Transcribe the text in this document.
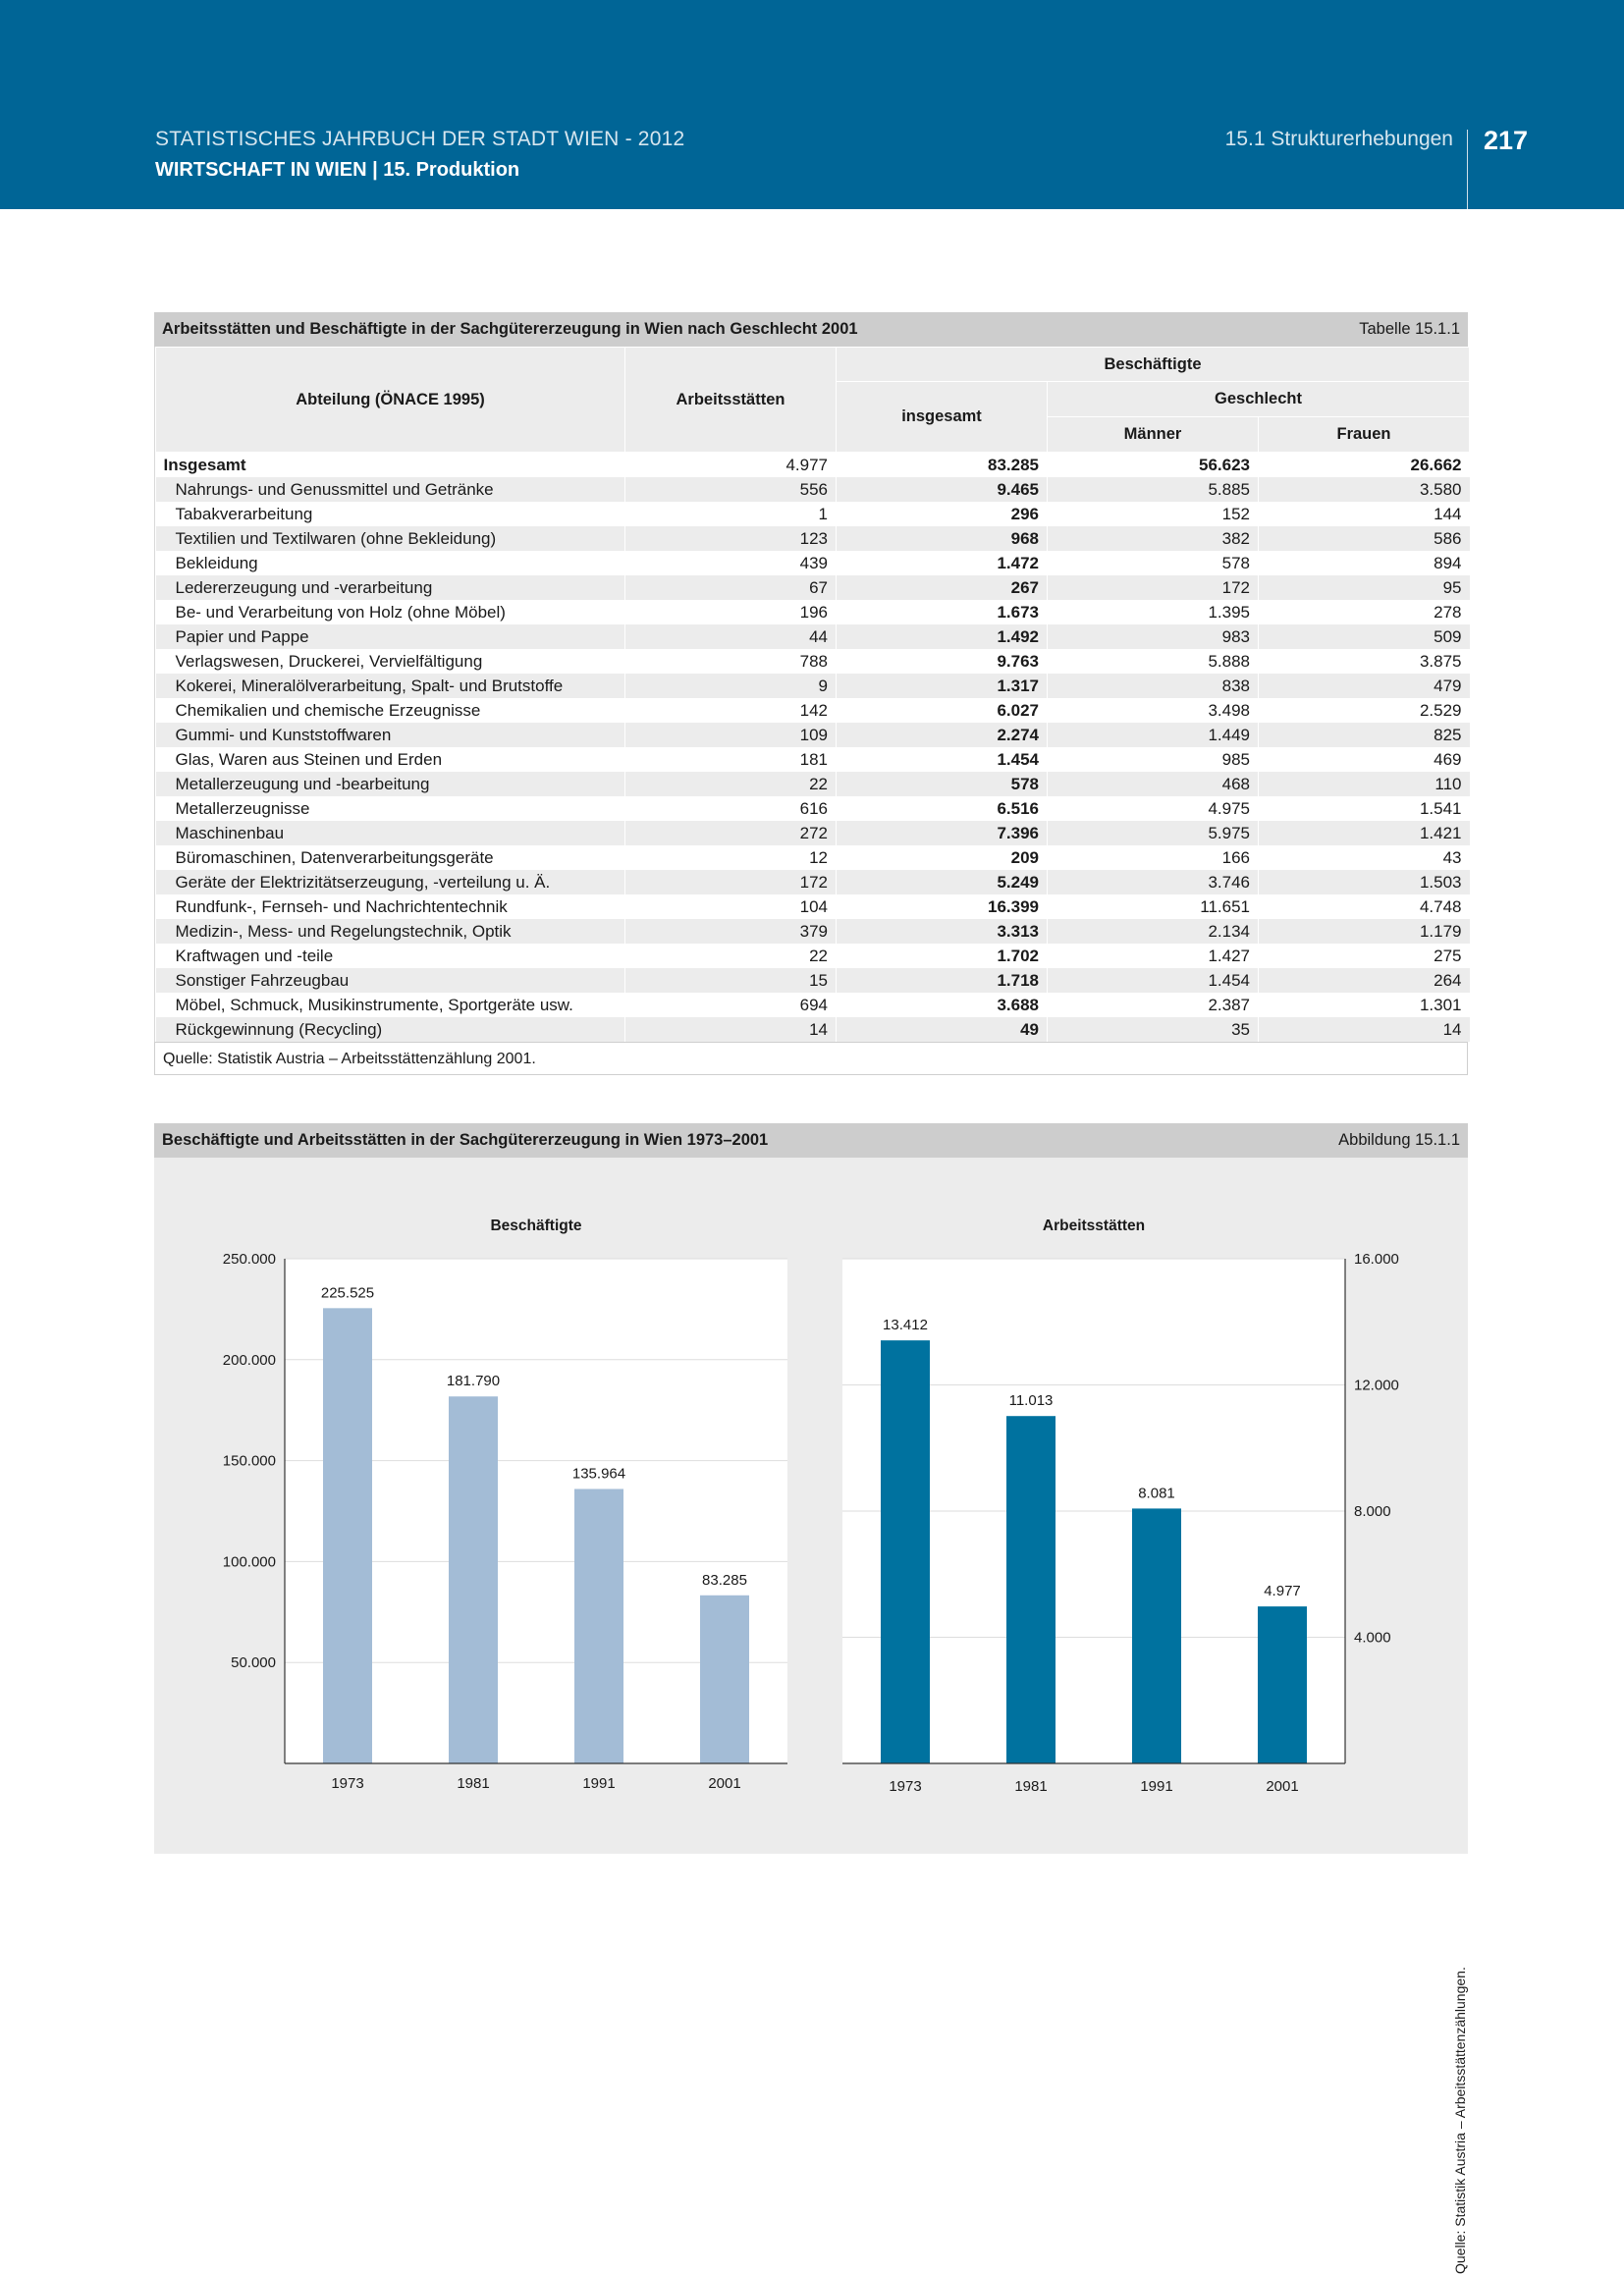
STATISTISCHES JAHRBUCH DER STADT WIEN - 2012
WIRTSCHAFT IN WIEN | 15. Produktion
15.1 Strukturerhebungen 217
Arbeitsstätten und Beschäftigte in der Sachgütererzeugung in Wien nach Geschlecht 2001	Tabelle 15.1.1
Abteilung (ÖNACE 1995)	Arbeitsstätten	Beschäftigte		
		insgesamt	Geschlecht	
			Männer	Frauen
Insgesamt	4.977	83.285	56.623	26.662
Nahrungs- und Genussmittel und Getränke	556	9.465	5.885	3.580
Tabakverarbeitung	1	296	152	144
Textilien und Textilwaren (ohne Bekleidung)	123	968	382	586
Bekleidung	439	1.472	578	894
Ledererzeugung und -verarbeitung	67	267	172	95
Be- und Verarbeitung von Holz (ohne Möbel)	196	1.673	1.395	278
Papier und Pappe	44	1.492	983	509
Verlagswesen, Druckerei, Vervielfältigung	788	9.763	5.888	3.875
Kokerei, Mineralölverarbeitung, Spalt- und Brutstoffe	9	1.317	838	479
Chemikalien und chemische Erzeugnisse	142	6.027	3.498	2.529
Gummi- und Kunststoffwaren	109	2.274	1.449	825
Glas, Waren aus Steinen und Erden	181	1.454	985	469
Metallerzeugung und -bearbeitung	22	578	468	110
Metallerzeugnisse	616	6.516	4.975	1.541
Maschinenbau	272	7.396	5.975	1.421
Büromaschinen, Datenverarbeitungsgeräte	12	209	166	43
Geräte der Elektrizitätserzeugung, -verteilung u. Ä.	172	5.249	3.746	1.503
Rundfunk-, Fernseh- und Nachrichtentechnik	104	16.399	11.651	4.748
Medizin-, Mess- und Regelungstechnik, Optik	379	3.313	2.134	1.179
Kraftwagen und -teile	22	1.702	1.427	275
Sonstiger Fahrzeugbau	15	1.718	1.454	264
Möbel, Schmuck, Musikinstrumente, Sportgeräte usw.	694	3.688	2.387	1.301
Rückgewinnung (Recycling)	14	49	35	14
Quelle: Statistik Austria – Arbeitsstättenzählung 2001.
Beschäftigte und Arbeitsstätten in der Sachgütererzeugung in Wien 1973–2001	Abbildung 15.1.1
50.000
100.000
150.000
200.000
250.000
Beschäftigte
225.525
1973
181.790
1981
135.964
1991
83.285
2001
4.000
8.000
12.000
16.000
Arbeitsstätten
13.412
1973
11.013
1981
8.081
1991
4.977
2001
Quelle: Statistik Austria – Arbeitsstättenzählungen.
